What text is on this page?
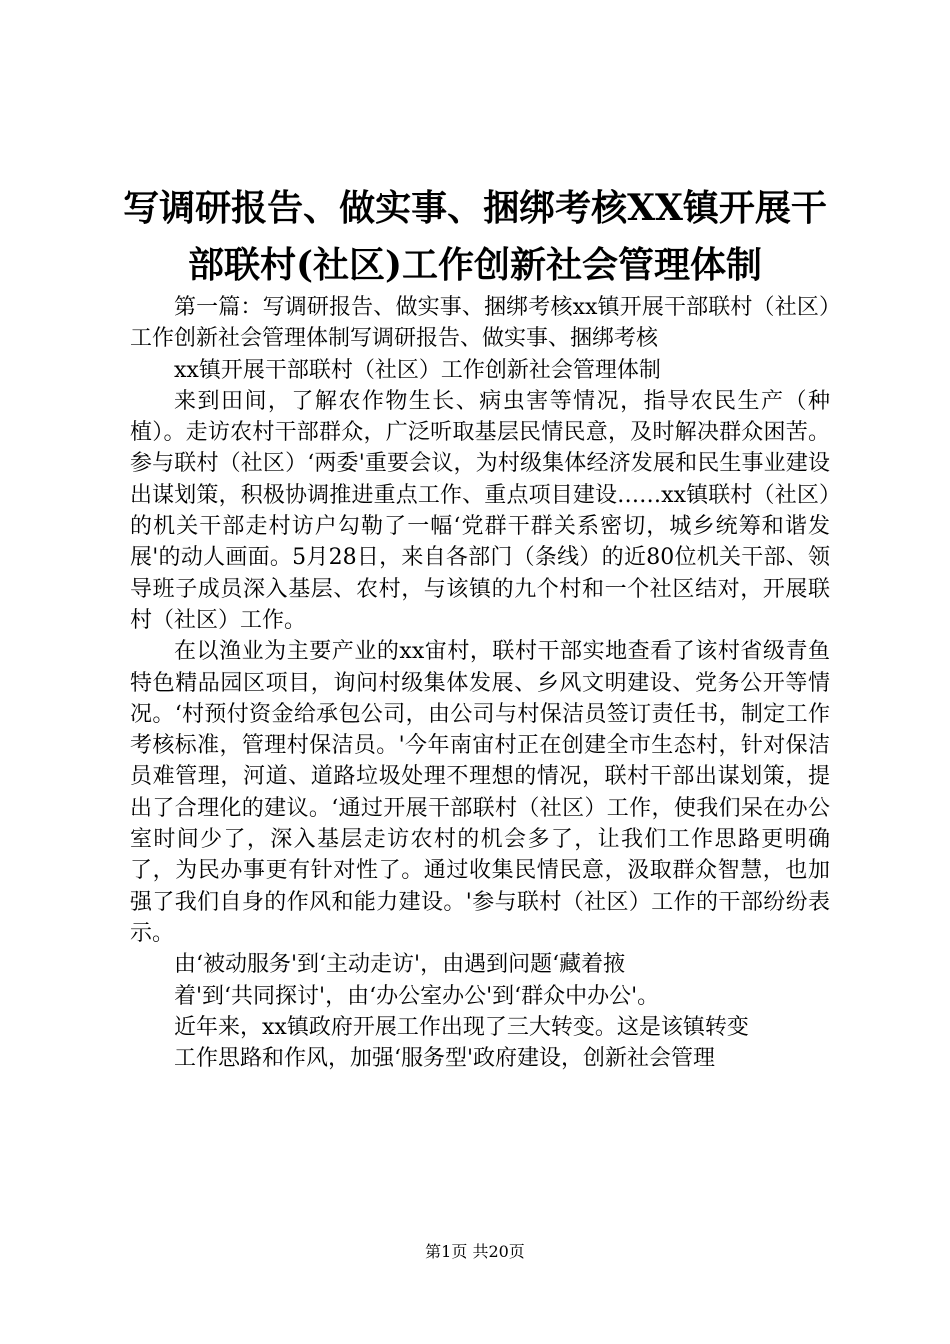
写调研报告、做实事、捆绑考核XX镇开展干
部联村(社区)工作创新社会管理体制

第一篇：写调研报告、做实事、捆绑考核xx镇开展干部联村（社区）工作创新社会管理体制写调研报告、做实事、捆绑考核

xx镇开展干部联村（社区）工作创新社会管理体制

来到田间，了解农作物生长、病虫害等情况，指导农民生产（种植）。走访农村干部群众，广泛听取基层民情民意，及时解决群众困苦。参与联村（社区）‘两委'重要会议，为村级集体经济发展和民生事业建设出谋划策，积极协调推进重点工作、重点项目建设……xx镇联村（社区）的机关干部走村访户勾勒了一幅‘党群干群关系密切，城乡统筹和谐发展'的动人画面。5月28日，来自各部门（条线）的近80位机关干部、领导班子成员深入基层、农村，与该镇的九个村和一个社区结对，开展联村（社区）工作。

在以渔业为主要产业的xx宙村，联村干部实地查看了该村省级青鱼特色精品园区项目，询问村级集体发展、乡风文明建设、党务公开等情况。‘村预付资金给承包公司，由公司与村保洁员签订责任书，制定工作考核标准，管理村保洁员。'今年南宙村正在创建全市生态村，针对保洁员难管理，河道、道路垃圾处理不理想的情况，联村干部出谋划策，提出了合理化的建议。‘通过开展干部联村（社区）工作，使我们呆在办公室时间少了，深入基层走访农村的机会多了，让我们工作思路更明确了，为民办事更有针对性了。通过收集民情民意，汲取群众智慧，也加强了我们自身的作风和能力建设。'参与联村（社区）工作的干部纷纷表示。

由‘被动服务'到‘主动走访'，由遇到问题‘藏着掖

着'到‘共同探讨'，由‘办公室办公'到‘群众中办公'。

近年来，xx镇政府开展工作出现了三大转变。这是该镇转变

工作思路和作风，加强‘服务型'政府建设，创新社会管理

第1页 共20页
